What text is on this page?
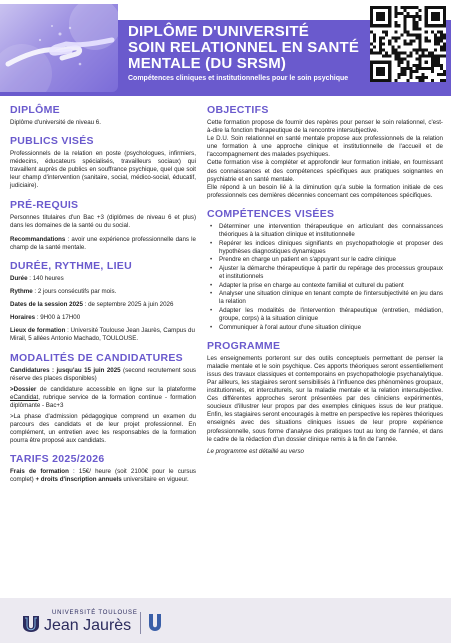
DIPLÔME D'UNIVERSITÉ
SOIN RELATIONNEL EN SANTÉ
MENTALE (DU SRSM)
Compétences cliniques et institutionnelles pour le soin psychique
DIPLÔME

Diplôme d'université de niveau 6.

PUBLICS VISÉS

Professionnels de la relation en poste (psychologues, infirmiers, médecins, éducateurs spécialisés, travailleurs sociaux) qui travaillent auprès de publics en souffrance psychique, quel que soit leur champ d'intervention (sanitaire, social, médico-social, éducatif, judiciaire).

PRÉ-REQUIS

Personnes titulaires d'un Bac +3 (diplômes de niveau 6 et plus) dans les domaines de la santé ou du social.

Recommandations : avoir une expérience professionnelle dans le champ de la santé mentale.

DURÉE, RYTHME, LIEU

Durée : 140 heures

Rythme : 2 jours consécutifs par mois.

Dates de la session 2025 : de septembre 2025 à juin 2026

Horaires : 9H00 à 17H00

Lieux de formation : Université Toulouse Jean Jaurès, Campus du Mirail, 5 allées Antonio Machado, TOULOUSE.

MODALITÉS DE CANDIDATURES

Candidatures : jusqu'au 15 juin 2025 (second recrutement sous réserve des places disponibles)

>Dossier de candidature accessible en ligne sur la plateforme eCandidat, rubrique service de la formation continue - formation diplômante - Bac+3

>La phase d'admission pédagogique comprend un examen du parcours des candidats et de leur projet professionnel. En complément, un entretien avec les responsables de la formation pourra être proposé aux candidats.

TARIFS 2025/2026

Frais de formation : 15€/ heure (soit 2100€ pour le cursus complet) + droits d'inscription annuels universitaire en vigueur.

OBJECTIFS

Cette formation propose de fournir des repères pour penser le soin relationnel, c'est-à-dire la fonction thérapeutique de la rencontre intersubjective.

Le D.U. Soin relationnel en santé mentale propose aux professionnels de la relation une formation à une approche clinique et institutionnelle de l'accueil et de l'accompagnement des malades psychiques.

Cette formation vise à compléter et approfondir leur formation initiale, en fournissant des connaissances et des compétences spécifiques aux pratiques soignantes en psychiatrie et en santé mentale.

Elle répond à un besoin lié à la diminution qu'a subie la formation initiale de ces professionnels ces dernières décennies concernant ces compétences spécifiques.

COMPÉTENCES VISÉES
• Déterminer une intervention thérapeutique en articulant des connaissances théoriques à la situation clinique et institutionnelle
• Repérer les indices cliniques signifiants en psychopathologie et proposer des hypothèses diagnostiques dynamiques
• Prendre en charge un patient en s'appuyant sur le cadre clinique
• Ajuster la démarche thérapeutique à partir du repérage des processus groupaux et institutionnels
• Adapter la prise en charge au contexte familial et culturel du patient
• Analyser une situation clinique en tenant compte de l'intersubjectivité en jeu dans la relation
• Adapter les modalités de l'intervention thérapeutique (entretien, médiation, groupe, corps) à la situation clinique
• Communiquer à l'oral autour d'une situation clinique
PROGRAMME

Les enseignements porteront sur des outils conceptuels permettant de penser la maladie mentale et le soin psychique. Ces apports théoriques seront essentiellement issus des travaux classiques et contemporains en psychopathologie psychanalytique. Par ailleurs, les stagiaires seront sensibilisés à l'influence des phénomènes groupaux, institutionnels, et interculturels, sur la maladie mentale et la relation intersubjective. Ces différentes approches seront présentées par des cliniciens expérimentés, soucieux d'illustrer leur propos par des exemples cliniques issus de leur pratique. Enfin, les stagiaires seront encouragés à mettre en perspective les repères théoriques enseignés avec des situations cliniques issues de leur propre expérience professionnelle, sous forme d'analyse des pratiques tout au long de l'année, et dans le cadre de la rédaction d'un dossier clinique remis à la fin de l'année.

Le programme est détaillé au verso

UNIVERSITÉ TOULOUSE
Jean Jaurès
